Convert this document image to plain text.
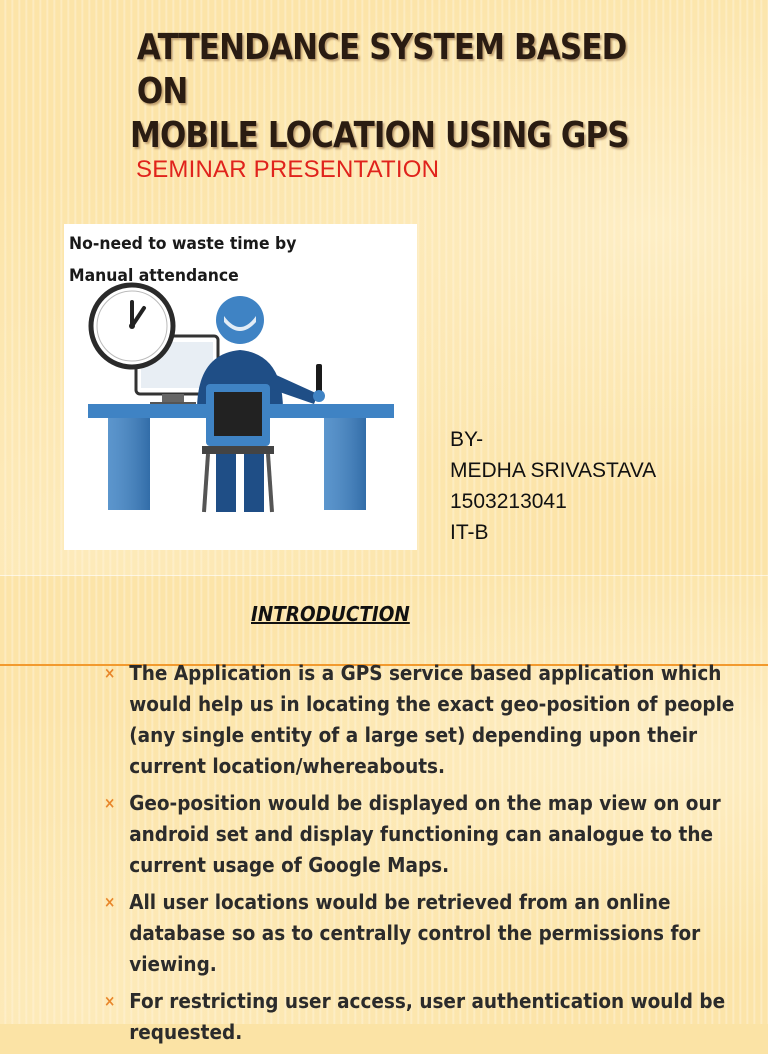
ATTENDANCE SYSTEM BASED ON
MOBILE LOCATION USING GPS
SEMINAR PRESENTATION
No-need to waste time by
Manual attendance
BY-
MEDHA SRIVASTAVA
1503213041
IT-B
INTRODUCTION
× The Application is a GPS service based application which would help us in locating the exact geo-position of people (any single entity of a large set) depending upon their current location/whereabouts.
× Geo-position would be displayed on the map view on our android set and display functioning can analogue to the current usage of Google Maps.
× All user locations would be retrieved from an online database so as to centrally control the permissions for viewing.
× For restricting user access, user authentication would be requested.
